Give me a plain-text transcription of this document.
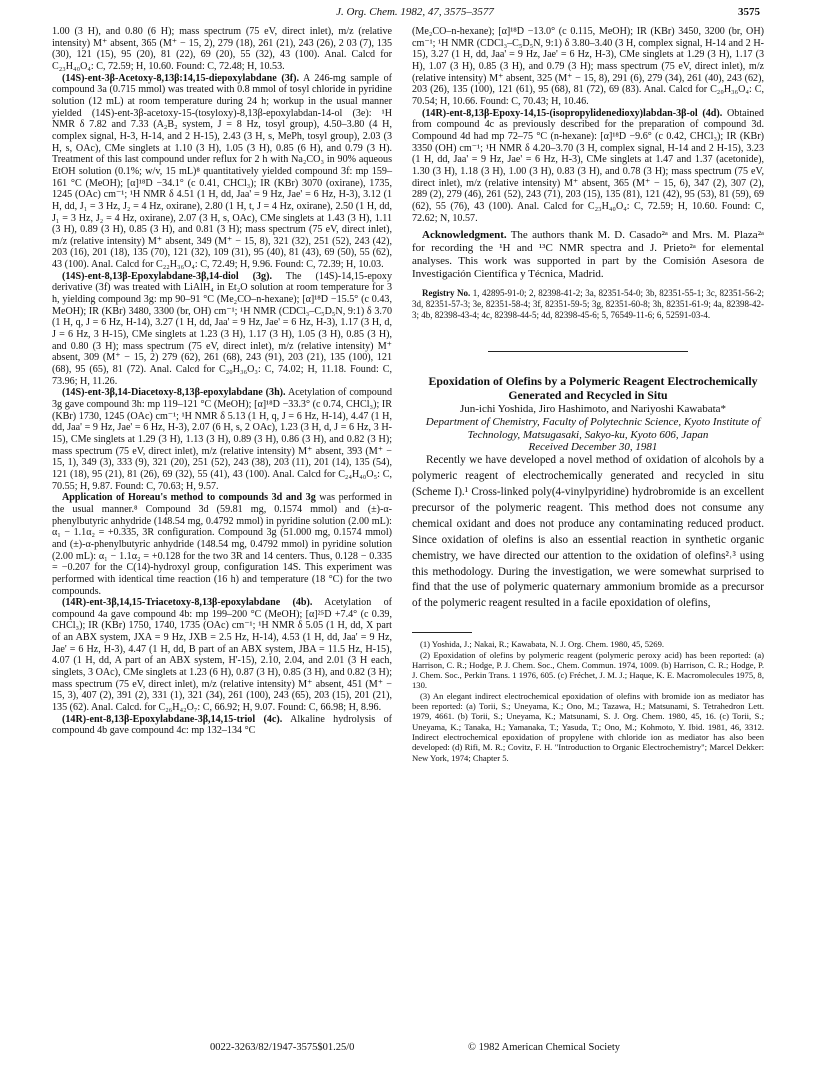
J. Org. Chem. 1982, 47, 3575–3577	3575

1.00 (3 H), and 0.80 (6 H); mass spectrum (75 eV, direct inlet), m/z (relative intensity) M⁺ absent, 365 (M⁺ − 15, 2), 279 (18), 261 (21), 243 (26), 2 03 (7), 135 (30), 121 (15), 95 (20), 81 (22), 69 (20), 55 (32), 43 (100). Anal. Calcd for C₂₃H₄₀O₄: C, 72.59; H, 10.60. Found: C, 72.48; H, 10.53.

(14S)-ent-3β-Acetoxy-8,13β:14,15-diepoxylabdane (3f). A 246-mg sample of compound 3a (0.715 mmol) was treated with 0.8 mmol of tosyl chloride in pyridine solution (12 mL) at room temperature during 24 h; workup in the usual manner yielded (14S)-ent-3β-acetoxy-15-(tosyloxy)-8,13β-epoxylabdan-14-ol (3e): ¹H NMR δ 7.82 and 7.33 (A₂B₂ system, J = 8 Hz, tosyl group), 4.50–3.80 (4 H, complex signal, H-3, H-14, and 2 H-15), 2.43 (3 H, s, MePh, tosyl group), 2.03 (3 H, s, OAc), CMe singlets at 1.10 (3 H), 1.05 (3 H), 0.85 (6 H), and 0.79 (3 H). Treatment of this last compound under reflux for 2 h with Na₂CO₃ in 90% aqueous EtOH solution (0.1%; w/v, 15 mL)⁸ quantitatively yielded compound 3f: mp 159–161 °C (MeOH); [α]¹⁸D −34.1° (c 0.41, CHCl₃); IR (KBr) 3070 (oxirane), 1735, 1245 (OAc) cm⁻¹; ¹H NMR δ 4.51 (1 H, dd, Jaa' = 9 Hz, Jae' = 6 Hz, H-3), 3.12 (1 H, dd, J₁ = 3 Hz, J₂ = 4 Hz, oxirane), 2.80 (1 H, t, J = 4 Hz, oxirane), 2.50 (1 H, dd, J₁ = 3 Hz, J₂ = 4 Hz, oxirane), 2.07 (3 H, s, OAc), CMe singlets at 1.43 (3 H), 1.11 (3 H), 0.89 (3 H), 0.85 (3 H), and 0.81 (3 H); mass spectrum (75 eV, direct inlet), m/z (relative intensity) M⁺ absent, 349 (M⁺ − 15, 8), 321 (32), 251 (52), 243 (42), 203 (16), 201 (18), 135 (70), 121 (32), 109 (31), 95 (40), 81 (43), 69 (50), 55 (62), 43 (100). Anal. Calcd for C₂₂H₃₆O₄: C, 72.49; H, 9.96. Found: C, 72.39; H, 10.03.

(14S)-ent-8,13β-Epoxylabdane-3β,14-diol (3g). The (14S)-14,15-epoxy derivative (3f) was treated with LiAlH₄ in Et₂O solution at room temperature for 3 h, yielding compound 3g: mp 90–91 °C (Me₂CO–n-hexane); [α]¹⁸D −15.5° (c 0.43, MeOH); IR (KBr) 3480, 3300 (br, OH) cm⁻¹; ¹H NMR (CDCl₃–C₅D₅N, 9:1) δ 3.70 (1 H, q, J = 6 Hz, H-14), 3.27 (1 H, dd, Jaa' = 9 Hz, Jae' = 6 Hz, H-3), 1.17 (3 H, d, J = 6 Hz, 3 H-15), CMe singlets at 1.23 (3 H), 1.17 (3 H), 1.05 (3 H), 0.85 (3 H), and 0.80 (3 H); mass spectrum (75 eV, direct inlet), m/z (relative intensity) M⁺ absent, 309 (M⁺ − 15, 2) 279 (62), 261 (68), 243 (91), 203 (21), 135 (100), 121 (68), 95 (65), 81 (72). Anal. Calcd for C₂₀H₃₆O₃: C, 74.02; H, 11.18. Found: C, 73.96; H, 11.26.

(14S)-ent-3β,14-Diacetoxy-8,13β-epoxylabdane (3h). Acetylation of compound 3g gave compound 3h: mp 119–121 °C (MeOH); [α]¹⁸D −33.3° (c 0.74, CHCl₃); IR (KBr) 1730, 1245 (OAc) cm⁻¹; ¹H NMR δ 5.13 (1 H, q, J = 6 Hz, H-14), 4.47 (1 H, dd, Jaa' = 9 Hz, Jae' = 6 Hz, H-3), 2.07 (6 H, s, 2 OAc), 1.23 (3 H, d, J = 6 Hz, 3 H-15), CMe singlets at 1.29 (3 H), 1.13 (3 H), 0.89 (3 H), 0.86 (3 H), and 0.82 (3 H); mass spectrum (75 eV, direct inlet), m/z (relative intensity) M⁺ absent, 393 (M⁺ − 15, 1), 349 (3), 333 (9), 321 (20), 251 (52), 243 (38), 203 (11), 201 (14), 135 (54), 121 (18), 95 (21), 81 (26), 69 (32), 55 (41), 43 (100). Anal. Calcd for C₂₄H₄₀O₅: C, 70.55; H, 9.87. Found: C, 70.63; H, 9.57.

Application of Horeau's method to compounds 3d and 3g was performed in the usual manner.⁸ Compound 3d (59.81 mg, 0.1574 mmol) and (±)-α-phenylbutyric anhydride (148.54 mg, 0.4792 mmol) in pyridine solution (2.00 mL): α₁ − 1.1α₂ = +0.335, 3R configuration. Compound 3g (51.000 mg, 0.1574 mmol) and (±)-α-phenylbutyric anhydride (148.54 mg, 0.4792 mmol) in pyridine solution (2.00 mL): α₁ − 1.1α₂ = +0.128 for the two 3R and 14 centers. Thus, 0.128 − 0.335 = −0.207 for the C(14)-hydroxyl group, configuration 14S. This experiment was performed with identical time reaction (16 h) and temperature (18 °C) for the two compounds.

(14R)-ent-3β,14,15-Triacetoxy-8,13β-epoxylabdane (4b). Acetylation of compound 4a gave compound 4b: mp 199–200 °C (MeOH); [α]²⁵D +7.4° (c 0.39, CHCl₃); IR (KBr) 1750, 1740, 1735 (OAc) cm⁻¹; ¹H NMR δ 5.05 (1 H, dd, X part of an ABX system, JXA = 9 Hz, JXB = 2.5 Hz, H-14), 4.53 (1 H, dd, Jaa' = 9 Hz, Jae' = 6 Hz, H-3), 4.47 (1 H, dd, B part of an ABX system, JBA = 11.5 Hz, H-15), 4.07 (1 H, dd, A part of an ABX system, H'-15), 2.10, 2.04, and 2.01 (3 H each, singlets, 3 OAc), CMe singlets at 1.23 (6 H), 0.87 (3 H), 0.85 (3 H), and 0.82 (3 H); mass spectrum (75 eV, direct inlet), m/z (relative intensity) M⁺ absent, 451 (M⁺ − 15, 3), 407 (2), 391 (2), 331 (1), 321 (34), 261 (100), 243 (65), 203 (15), 201 (21), 135 (62). Anal. Calcd. for C₂₆H₄₂O₇: C, 66.92; H, 9.07. Found: C, 66.98; H, 8.96.

(14R)-ent-8,13β-Epoxylabdane-3β,14,15-triol (4c). Alkaline hydrolysis of compound 4b gave compound 4c: mp 132–134 °C

(Me₂CO–n-hexane); [α]¹⁸D −13.0° (c 0.115, MeOH); IR (KBr) 3450, 3200 (br, OH) cm⁻¹; ¹H NMR (CDCl₃–C₅D₅N, 9:1) δ 3.80–3.40 (3 H, complex signal, H-14 and 2 H-15), 3.27 (1 H, dd, Jaa' = 9 Hz, Jae' = 6 Hz, H-3), CMe singlets at 1.29 (3 H), 1.17 (3 H), 1.07 (3 H), 0.85 (3 H), and 0.79 (3 H); mass spectrum (75 eV, direct inlet), m/z (relative intensity) M⁺ absent, 325 (M⁺ − 15, 8), 291 (6), 279 (34), 261 (40), 243 (62), 203 (26), 135 (100), 121 (61), 95 (68), 81 (72), 69 (83). Anal. Calcd for C₂₀H₃₆O₄: C, 70.54; H, 10.66. Found: C, 70.43; H, 10.46.

(14R)-ent-8,13β-Epoxy-14,15-(isopropylidenedioxy)labdan-3β-ol (4d). Obtained from compound 4c as previously described for the preparation of compound 3d. Compound 4d had mp 72–75 °C (n-hexane): [α]¹⁸D −9.6° (c 0.42, CHCl₃); IR (KBr) 3350 (OH) cm⁻¹; ¹H NMR δ 4.20–3.70 (3 H, complex signal, H-14 and 2 H-15), 3.23 (1 H, dd, Jaa' = 9 Hz, Jae' = 6 Hz, H-3), CMe singlets at 1.47 and 1.37 (acetonide), 1.30 (3 H), 1.18 (3 H), 1.00 (3 H), 0.83 (3 H), and 0.78 (3 H); mass spectrum (75 eV, direct inlet), m/z (relative intensity) M⁺ absent, 365 (M⁺ − 15, 6), 347 (2), 307 (2), 289 (2), 279 (46), 261 (52), 243 (71), 203 (15), 135 (81), 121 (42), 95 (53), 81 (59), 69 (62), 55 (76), 43 (100). Anal. Calcd for C₂₃H₄₀O₄: C, 72.59; H, 10.60. Found: C, 72.62; N, 10.57.

Acknowledgment. The authors thank M. D. Casado²ᵃ and Mrs. M. Plaza²ᵃ for recording the ¹H and ¹³C NMR spectra and J. Prieto²ᵃ for elemental analyses. This work was supported in part by the Comisión Asesora de Investigación Científica y Técnica, Madrid.

Registry No. 1, 42895-91-0; 2, 82398-41-2; 3a, 82351-54-0; 3b, 82351-55-1; 3c, 82351-56-2; 3d, 82351-57-3; 3e, 82351-58-4; 3f, 82351-59-5; 3g, 82351-60-8; 3h, 82351-61-9; 4a, 82398-42-3; 4b, 82398-43-4; 4c, 82398-44-5; 4d, 82398-45-6; 5, 76549-11-6; 6, 52591-03-4.

Epoxidation of Olefins by a Polymeric Reagent Electrochemically Generated and Recycled in Situ

Jun-ichi Yoshida, Jiro Hashimoto, and Nariyoshi Kawabata*

Department of Chemistry, Faculty of Polytechnic Science, Kyoto Institute of Technology, Matsugasaki, Sakyo-ku, Kyoto 606, Japan

Received December 30, 1981

Recently we have developed a novel method of oxidation of alcohols by a polymeric reagent of electrochemically generated and recycled in situ (Scheme I).¹ Cross-linked poly(4-vinylpyridine) hydrobromide is an excellent precursor of the polymeric reagent. This method does not consume any chemical oxidant and does not produce any contaminating reduced product. Since oxidation of olefins is also an essential reaction in synthetic organic chemistry, we have directed our attention to the oxidation of olefins²˒³ using this methodology. During the investigation, we were somewhat surprised to find that the use of polymeric quaternary ammonium bromide as a precursor of the polymeric reagent resulted in a facile epoxidation of olefins,

(1) Yoshida, J.; Nakai, R.; Kawabata, N. J. Org. Chem. 1980, 45, 5269.

(2) Epoxidation of olefins by polymeric reagent (polymeric peroxy acid) has been reported: (a) Harrison, C. R.; Hodge, P. J. Chem. Soc., Chem. Commun. 1974, 1009. (b) Harrison, C. R.; Hodge, P. J. Chem. Soc., Perkin Trans. 1 1976, 605. (c) Fréchet, J. M. J.; Haque, K. E. Macromolecules 1975, 8, 130.

(3) An elegant indirect electrochemical epoxidation of olefins with bromide ion as mediator has been reported: (a) Torii, S.; Uneyama, K.; Ono, M.; Tazawa, H.; Matsunami, S. Tetrahedron Lett. 1979, 4661. (b) Torii, S.; Uneyama, K.; Matsunami, S. J. Org. Chem. 1980, 45, 16. (c) Torii, S.; Uneyama, K.; Tanaka, H.; Yamanaka, T.; Yasuda, T.; Ono, M.; Kohmoto, Y. Ibid. 1981, 46, 3312. Indirect electrochemical epoxidation of propylene with chloride ion as mediator has also been developed: (d) Rifi, M. R.; Covitz, F. H. "Introduction to Organic Electrochemistry"; Marcel Dekker: New York, 1974; Chapter 5.

0022-3263/82/1947-3575$01.25/0	© 1982 American Chemical Society
